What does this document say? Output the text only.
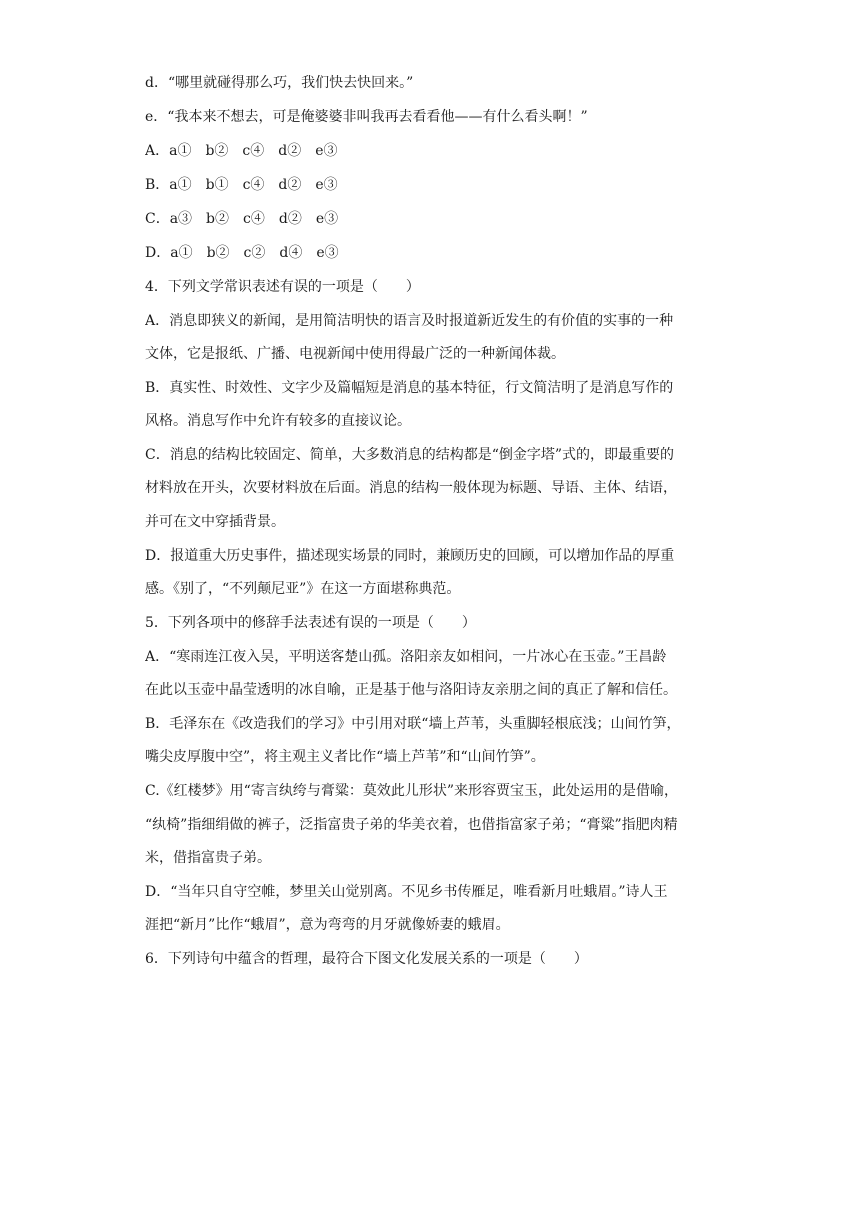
d．“哪里就碰得那么巧，我们快去快回来。”
e．“我本来不想去，可是俺婆婆非叫我再去看看他——有什么看头啊！”
A．a①　b②　c④　d②　e③
B．a①　b①　c④　d②　e③
C．a③　b②　c④　d②　e③
D．a①　b②　c②　d④　e③
4．下列文学常识表述有误的一项是（　　）
A．消息即狭义的新闻，是用简洁明快的语言及时报道新近发生的有价值的实事的一种
文体，它是报纸、广播、电视新闻中使用得最广泛的一种新闻体裁。
B．真实性、时效性、文字少及篇幅短是消息的基本特征，行文简洁明了是消息写作的
风格。消息写作中允许有较多的直接议论。
C．消息的结构比较固定、简单，大多数消息的结构都是“倒金字塔”式的，即最重要的
材料放在开头，次要材料放在后面。消息的结构一般体现为标题、导语、主体、结语，
并可在文中穿插背景。
D．报道重大历史事件，描述现实场景的同时，兼顾历史的回顾，可以增加作品的厚重
感。《别了，“不列颠尼亚”》在这一方面堪称典范。
5．下列各项中的修辞手法表述有误的一项是（　　）
A．“寒雨连江夜入吴，平明送客楚山孤。洛阳亲友如相问，一片冰心在玉壶。”王昌龄
在此以玉壶中晶莹透明的冰自喻，正是基于他与洛阳诗友亲朋之间的真正了解和信任。
B．毛泽东在《改造我们的学习》中引用对联“墙上芦苇，头重脚轻根底浅；山间竹笋，
嘴尖皮厚腹中空”，将主观主义者比作“墙上芦苇”和“山间竹笋”。
C.《红楼梦》用“寄言纨绔与膏粱：莫效此儿形状”来形容贾宝玉，此处运用的是借喻，
“纨椅”指细绢做的裤子，泛指富贵子弟的华美衣着，也借指富家子弟；“膏粱”指肥肉精
米，借指富贵子弟。
D．“当年只自守空帷，梦里关山觉别离。不见乡书传雁足，唯看新月吐蛾眉。”诗人王
涯把“新月”比作“蛾眉”，意为弯弯的月牙就像娇妻的蛾眉。
6．下列诗句中蕴含的哲理，最符合下图文化发展关系的一项是（　　）
